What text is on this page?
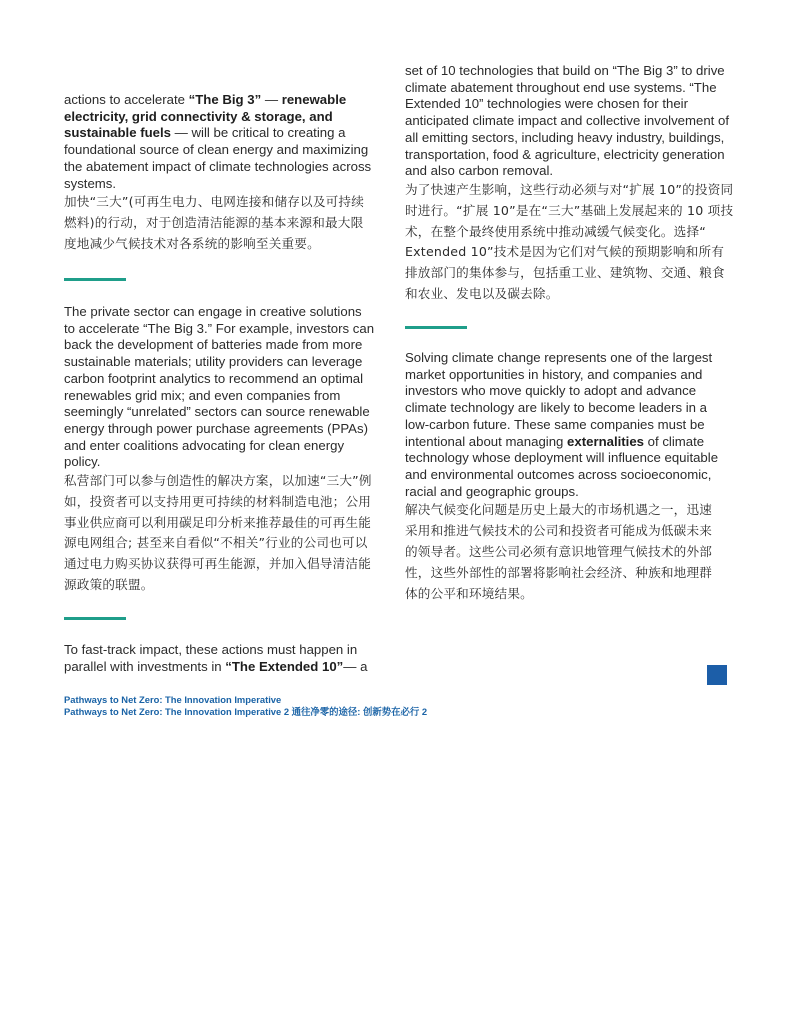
actions to accelerate “The Big 3” — renewable electricity, grid connectivity & storage, and sustainable fuels — will be critical to creating a foundational source of clean energy and maximizing the abatement impact of climate technologies across systems.

加快“三大”(可再生电力、电网连接和储存以及可持续燃料)的行动，对于创造清洁能源的基本来源和最大限度地减少气候技术对各系统的影响至关重要。

The private sector can engage in creative solutions to accelerate “The Big 3.” For example, investors can back the development of batteries made from more sustainable materials; utility providers can leverage carbon footprint analytics to recommend an optimal renewables grid mix; and even companies from seemingly “unrelated” sectors can source renewable energy through power purchase agreements (PPAs) and enter coalitions advocating for clean energy policy.

私营部门可以参与创造性的解决方案，以加速“三大”例如，投资者可以支持用更可持续的材料制造电池；公用事业供应商可以利用碳足印分析来推荐最佳的可再生能源电网组合; 甚至来自看似“不相关”行业的公司也可以通过电力购买协议获得可再生能源，并加入倡导清洁能源政策的联盟。

To fast-track impact, these actions must happen in parallel with investments in “The Extended 10”— a

set of 10 technologies that build on “The Big 3” to drive climate abatement throughout end use systems. “The Extended 10” technologies were chosen for their anticipated climate impact and collective involvement of all emitting sectors, including heavy industry, buildings, transportation, food & agriculture, electricity generation and also carbon removal.

为了快速产生影响，这些行动必须与对“扩展 10”的投资同时进行。“扩展 10”是在“三大”基础上发展起来的 10 项技术，在整个最终使用系统中推动减缓气候变化。选择“ Extended 10”技术是因为它们对气候的预期影响和所有排放部门的集体参与，包括重工业、建筑物、交通、粮食和农业、发电以及碳去除。

Solving climate change represents one of the largest market opportunities in history, and companies and investors who move quickly to adopt and advance climate technology are likely to become leaders in a low-carbon future. These same companies must be intentional about managing externalities of climate technology whose deployment will influence equitable and environmental outcomes across socioeconomic, racial and geographic groups.

解决气候变化问题是历史上最大的市场机遇之一，迅速采用和推进气候技术的公司和投资者可能成为低碳未来的领导者。这些公司必须有意识地管理气候技术的外部性，这些外部性的部署将影响社会经济、种族和地理群体的公平和环境结果。

Pathways to Net Zero: The Innovation Imperative
Pathways to Net Zero: The Innovation Imperative 2 通往净零的途径: 创新势在必行 2
